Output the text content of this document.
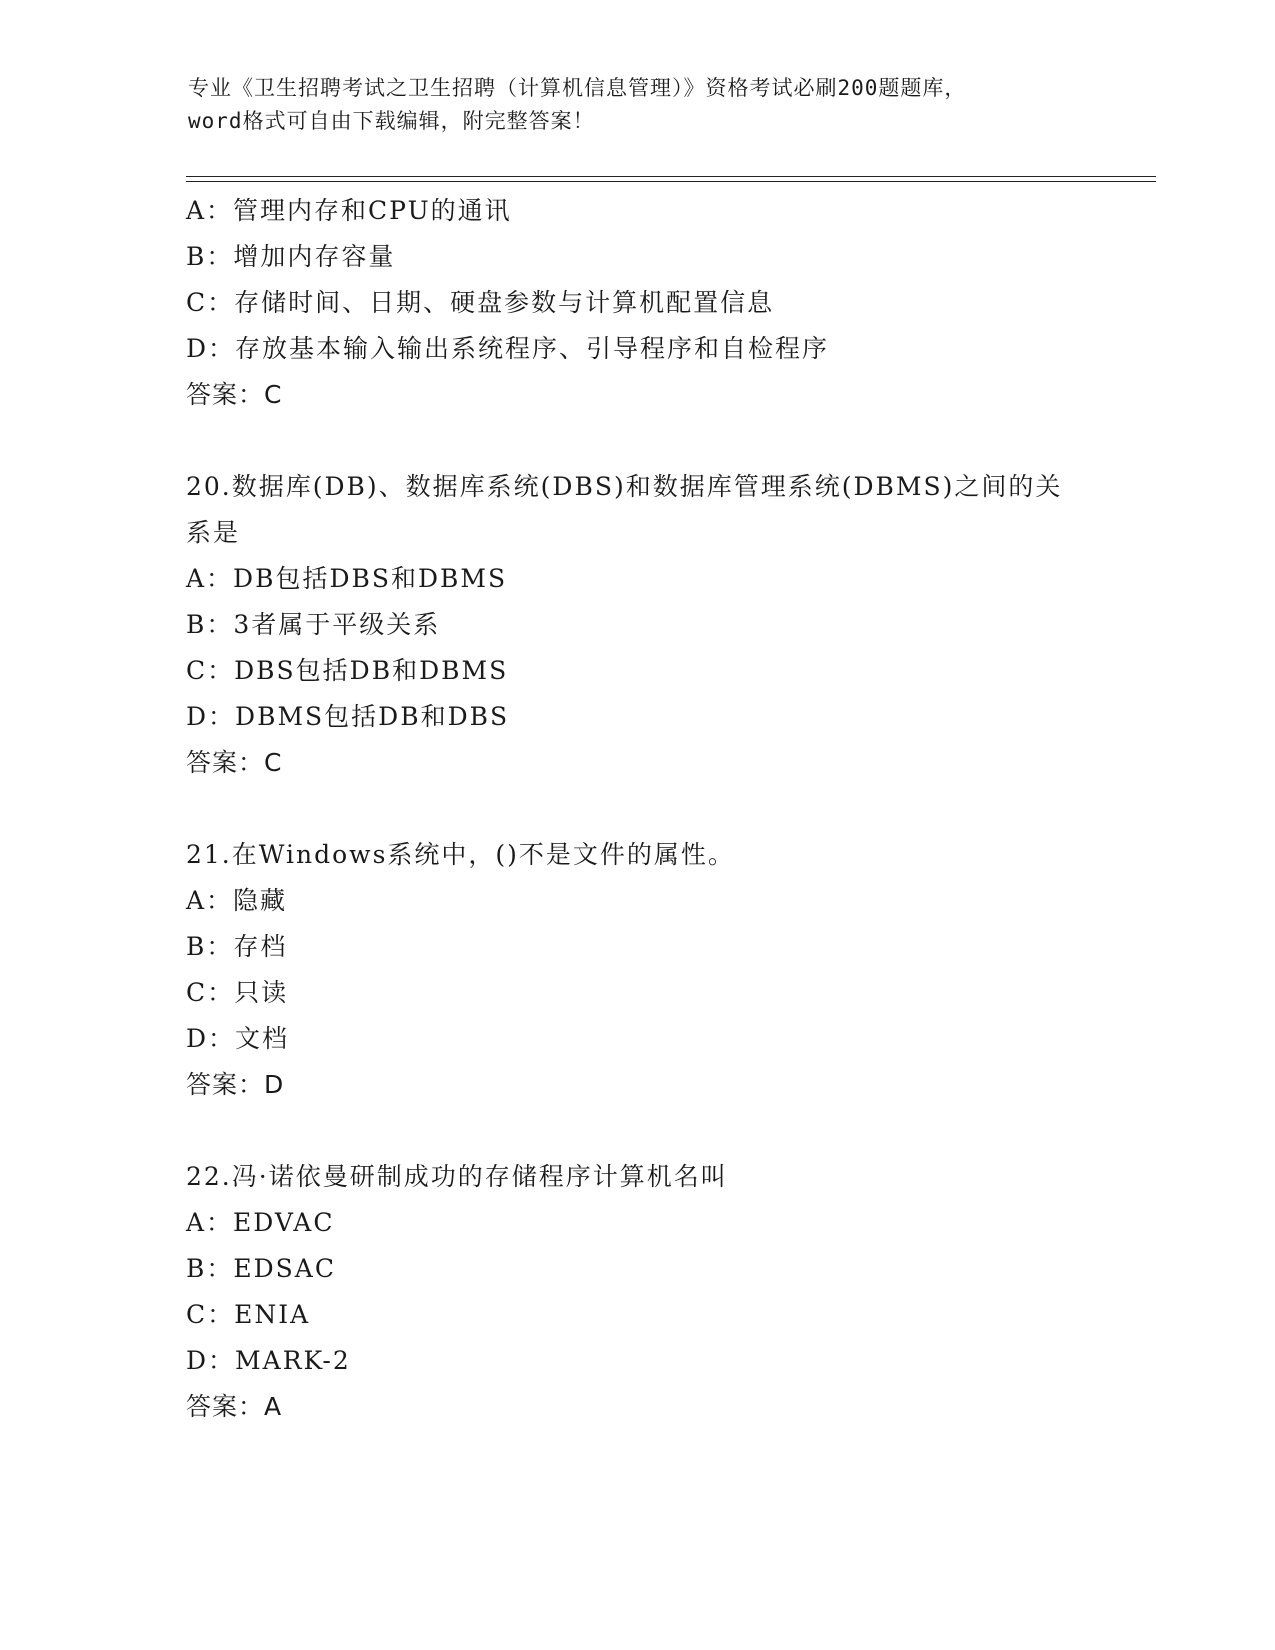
专业《卫生招聘考试之卫生招聘（计算机信息管理）》资格考试必刷200题题库，
word格式可自由下载编辑，附完整答案！
A：管理内存和CPU的通讯
B：增加内存容量
C：存储时间、日期、硬盘参数与计算机配置信息
D：存放基本输入输出系统程序、引导程序和自检程序
答案：C
20.数据库(DB)、数据库系统(DBS)和数据库管理系统(DBMS)之间的关
系是
A：DB包括DBS和DBMS
B：3者属于平级关系
C：DBS包括DB和DBMS
D：DBMS包括DB和DBS
答案：C
21.在Windows系统中，()不是文件的属性。
A：隐藏
B：存档
C：只读
D：文档
答案：D
22.冯·诺依曼研制成功的存储程序计算机名叫
A：EDVAC
B：EDSAC
C：ENIA
D：MARK-2
答案：A
